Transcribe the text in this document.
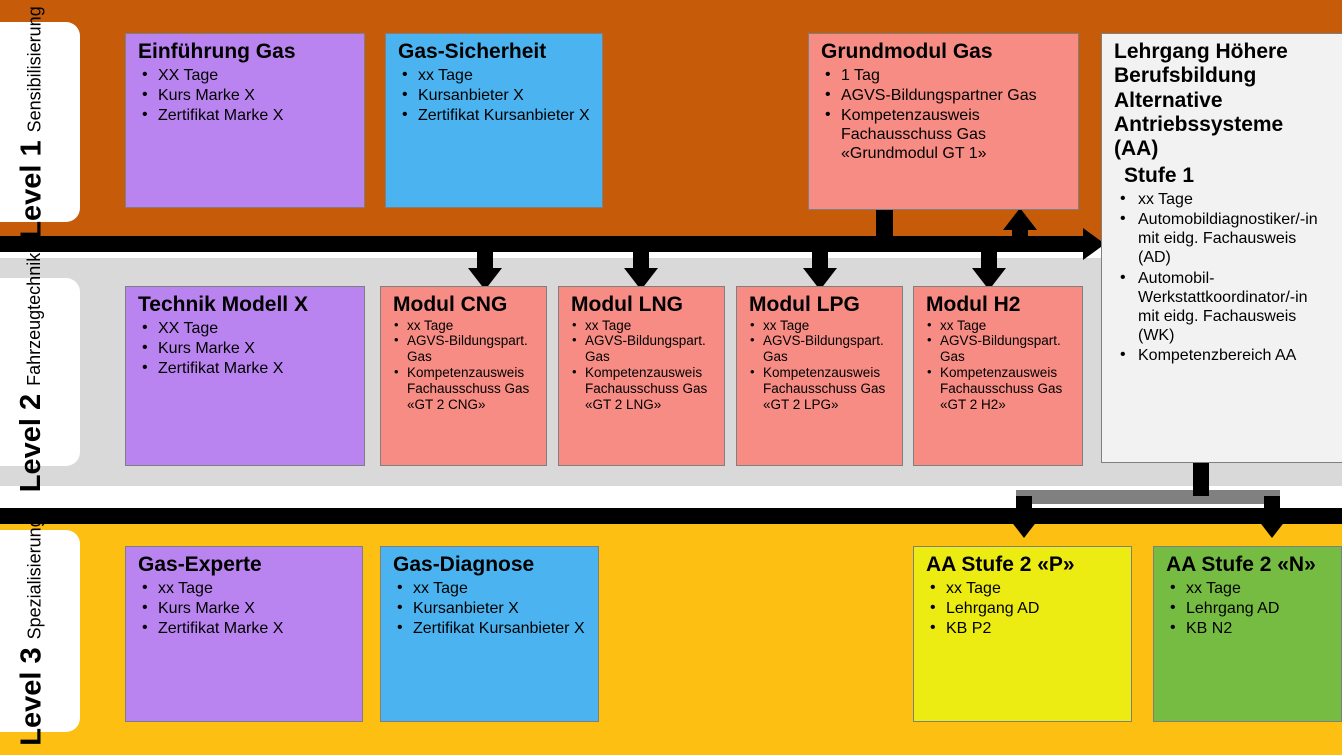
Level 1
Sensibilisierung
Level 2
Fahrzeugtechnik
Level 3
Spezialisierung
Einführung Gas
• XX Tage
• Kurs Marke X
• Zertifikat Marke X
Gas-Sicherheit
• xx Tage
• Kursanbieter X
• Zertifikat Kursanbieter X
Grundmodul Gas
• 1 Tag
• AGVS-Bildungspartner Gas
• Kompetenzausweis Fachausschuss Gas «Grundmodul GT 1»
Lehrgang Höhere Berufsbildung Alternative Antriebssysteme (AA)
Stufe 1
• xx Tage
• Automobildiagnostiker/-in mit eidg. Fachausweis (AD)
• Automobil-Werkstattkoordinator/-in mit eidg. Fachausweis (WK)
• Kompetenzbereich AA
Technik Modell X
• XX Tage
• Kurs Marke X
• Zertifikat Marke X
Modul CNG
• xx Tage
• AGVS-Bildungspart. Gas
• Kompetenzausweis Fachausschuss Gas «GT 2 CNG»
Modul LNG
• xx Tage
• AGVS-Bildungspart. Gas
• Kompetenzausweis Fachausschuss Gas «GT 2 LNG»
Modul LPG
• xx Tage
• AGVS-Bildungspart. Gas
• Kompetenzausweis Fachausschuss Gas «GT 2 LPG»
Modul H2
• xx Tage
• AGVS-Bildungspart. Gas
• Kompetenzausweis Fachausschuss Gas «GT 2 H2»
Gas-Experte
• xx Tage
• Kurs Marke X
• Zertifikat Marke X
Gas-Diagnose
• xx Tage
• Kursanbieter X
• Zertifikat Kursanbieter X
AA Stufe 2 «P»
• xx Tage
• Lehrgang AD
• KB P2
AA Stufe 2 «N»
• xx Tage
• Lehrgang AD
• KB N2
